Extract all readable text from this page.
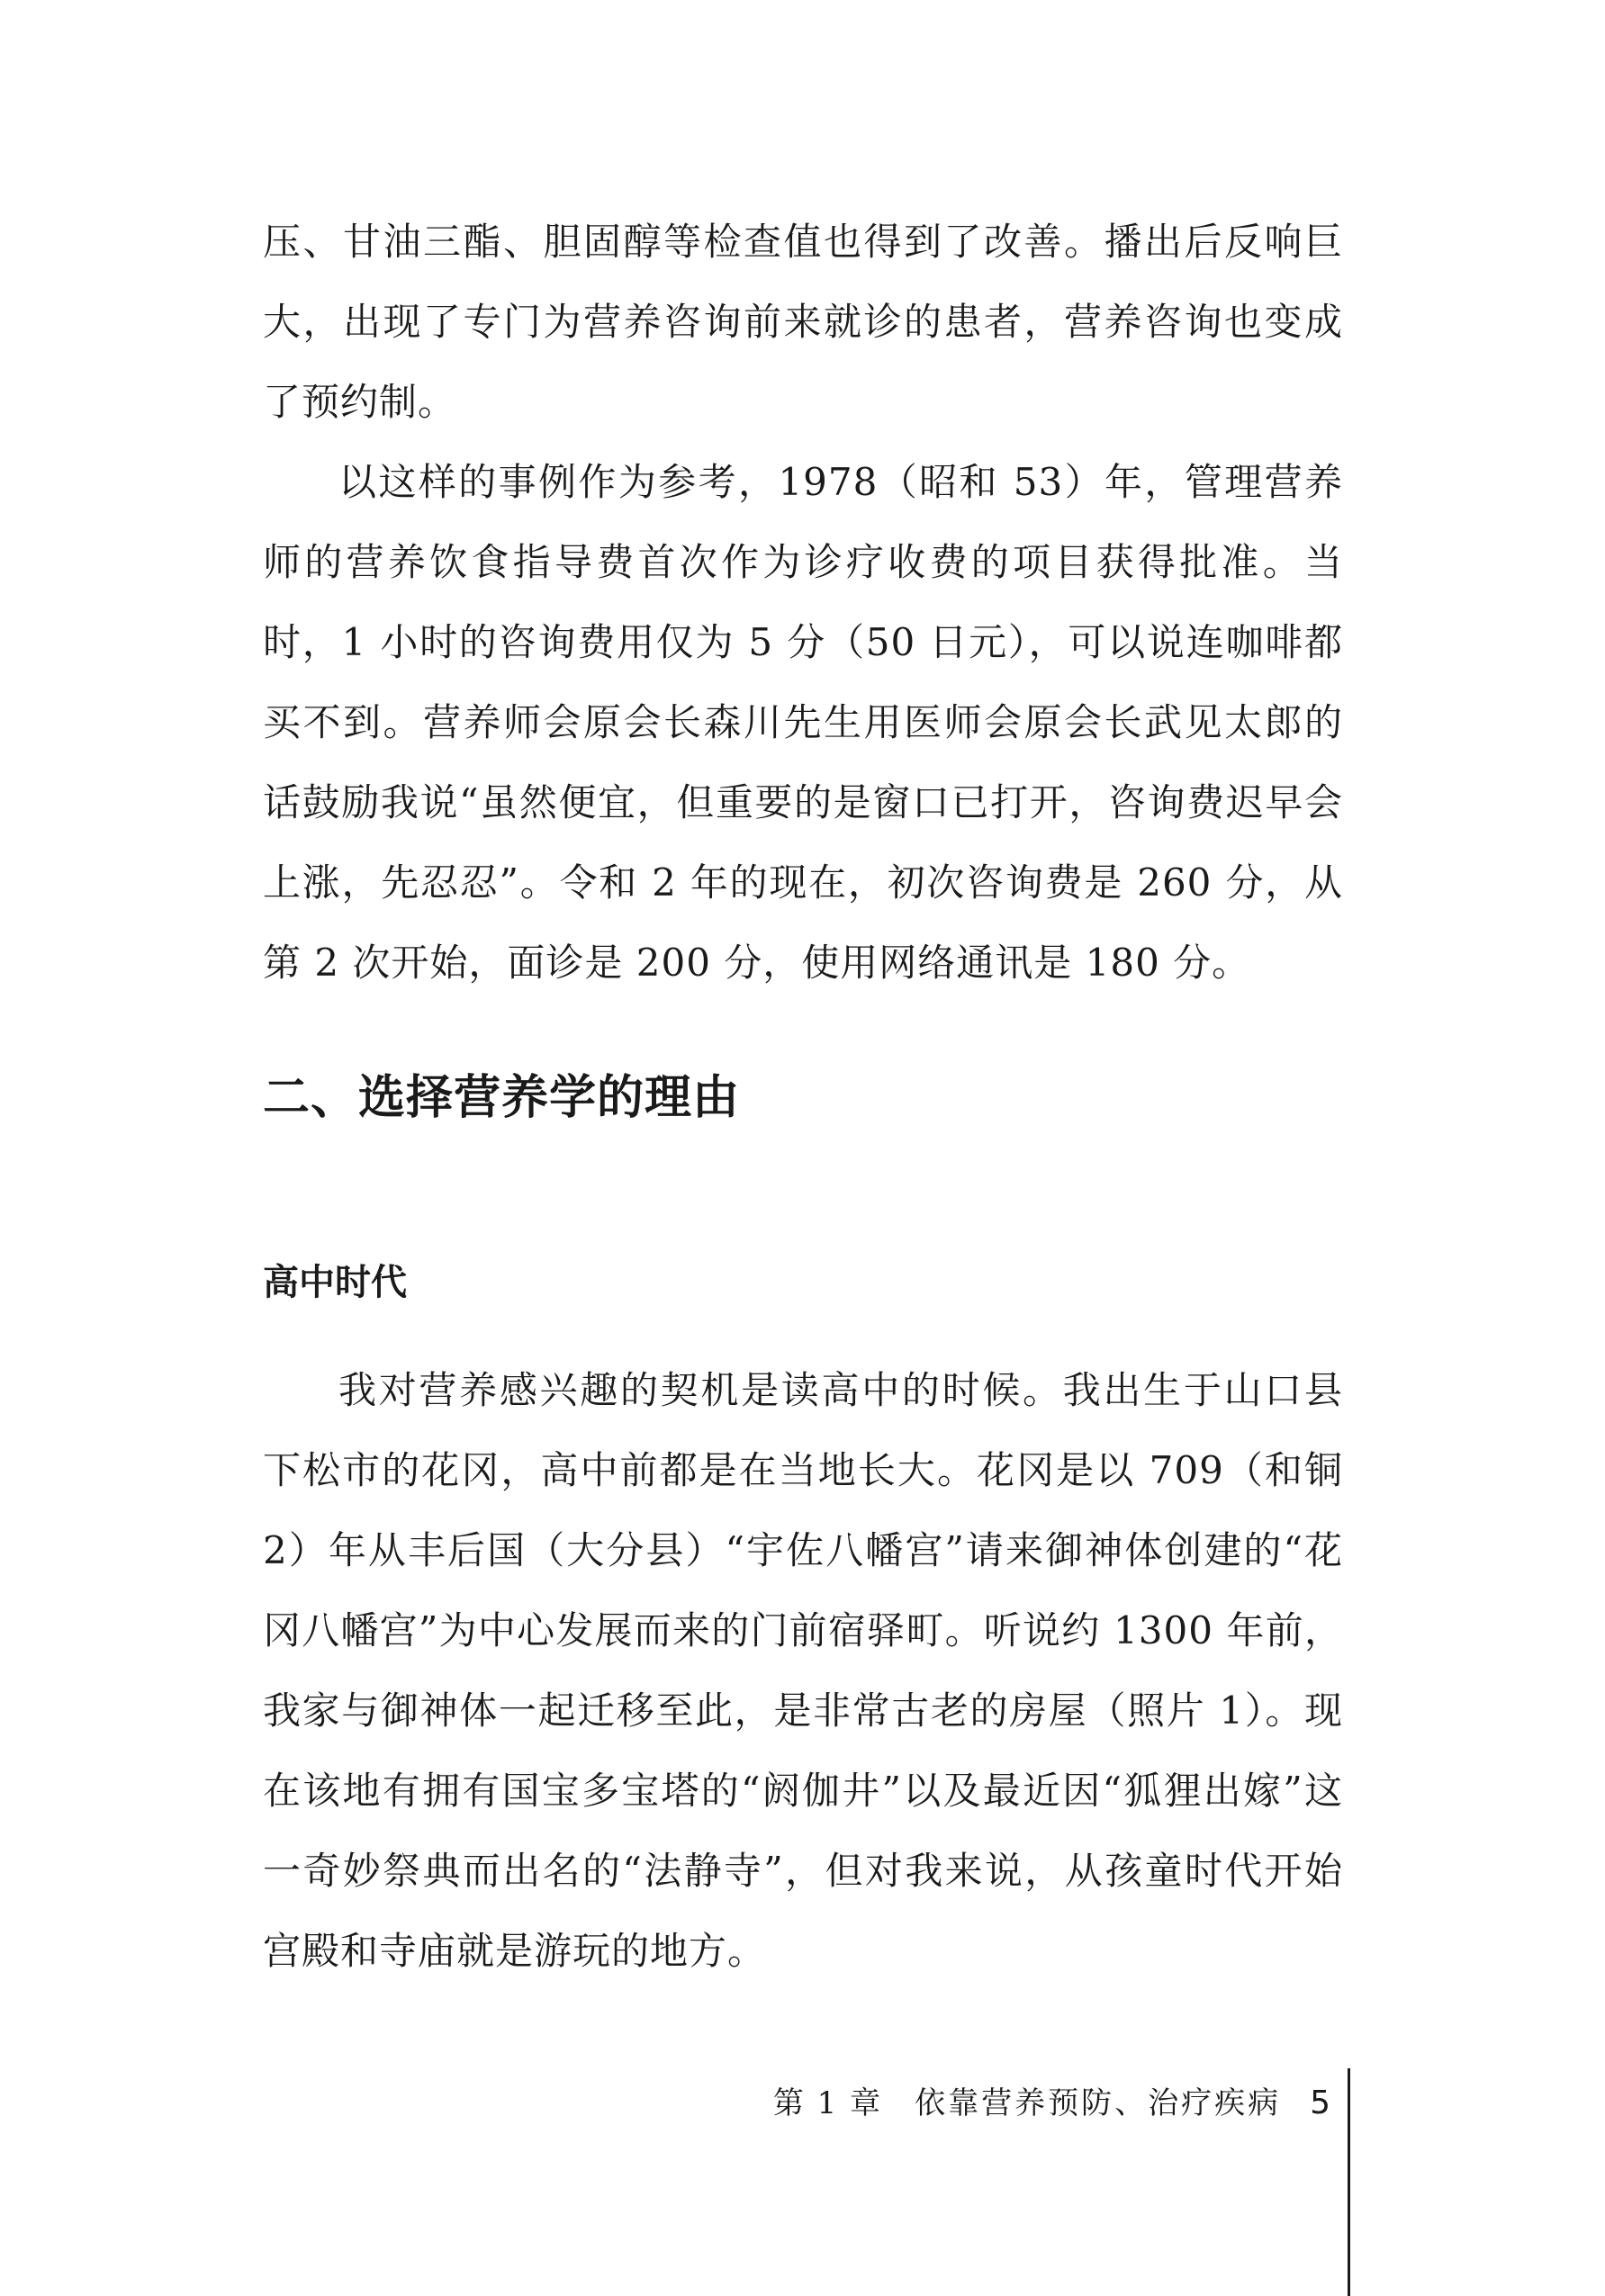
压、甘油三酯、胆固醇等检查值也得到了改善。播出后反响巨大，出现了专门为营养咨询前来就诊的患者，营养咨询也变成了预约制。

以这样的事例作为参考，1978（昭和 53）年，管理营养师的营养饮食指导费首次作为诊疗收费的项目获得批准。当时，1 小时的咨询费用仅为 5 分（50 日元），可以说连咖啡都买不到。营养师会原会长森川先生用医师会原会长武见太郎的话鼓励我说“虽然便宜，但重要的是窗口已打开，咨询费迟早会上涨，先忍忍”。令和 2 年的现在，初次咨询费是 260 分，从第 2 次开始，面诊是 200 分，使用网络通讯是 180 分。

二、选择营养学的理由
高中时代

我对营养感兴趣的契机是读高中的时候。我出生于山口县下松市的花冈，高中前都是在当地长大。花冈是以 709（和铜 2）年从丰后国（大分县）“宇佐八幡宫”请来御神体创建的“花冈八幡宫”为中心发展而来的门前宿驿町。听说约 1300 年前，我家与御神体一起迁移至此，是非常古老的房屋（照片 1）。现在该地有拥有国宝多宝塔的“阏伽井”以及最近因“狐狸出嫁”这一奇妙祭典而出名的“法静寺”，但对我来说，从孩童时代开始宫殿和寺庙就是游玩的地方。

第 1 章 依靠营养预防、治疗疾病 5
